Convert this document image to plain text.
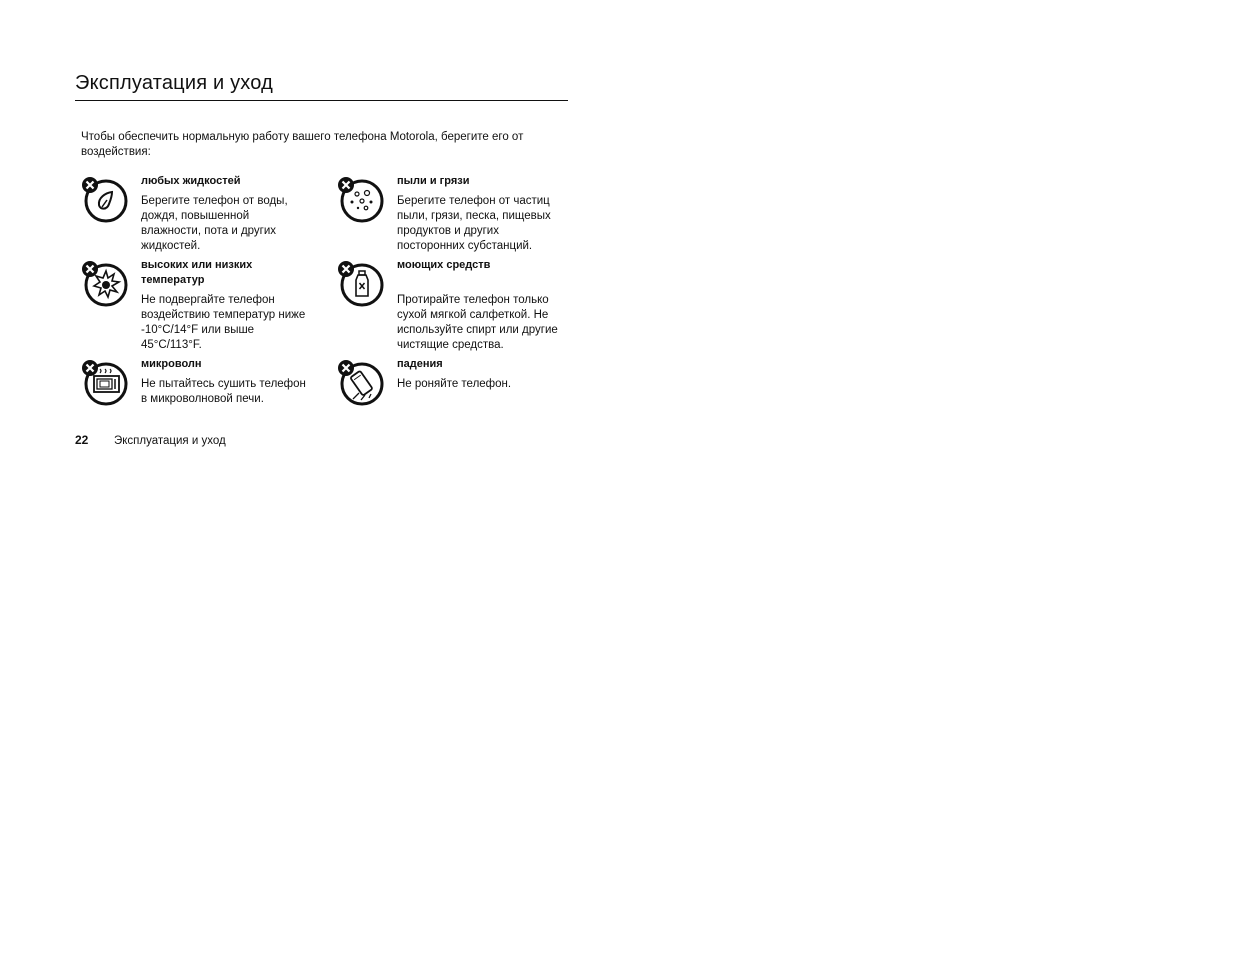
Эксплуатация и уход
Чтобы обеспечить нормальную работу вашего телефона Motorola, берегите его от воздействия:
любых жидкостей
Берегите телефон от воды, дождя, повышенной влажности, пота и других жидкостей.
пыли и грязи
Берегите телефон от частиц пыли, грязи, песка, пищевых продуктов и других посторонних субстанций.
высоких или низких температур
Не подвергайте телефон воздействию температур ниже -10°C/14°F или выше 45°C/113°F.
моющих средств
Протирайте телефон только сухой мягкой салфеткой. Не используйте спирт или другие чистящие средства.
микроволн
Не пытайтесь сушить телефон в микроволновой печи.
падения
Не роняйте телефон.
22 Эксплуатация и уход
